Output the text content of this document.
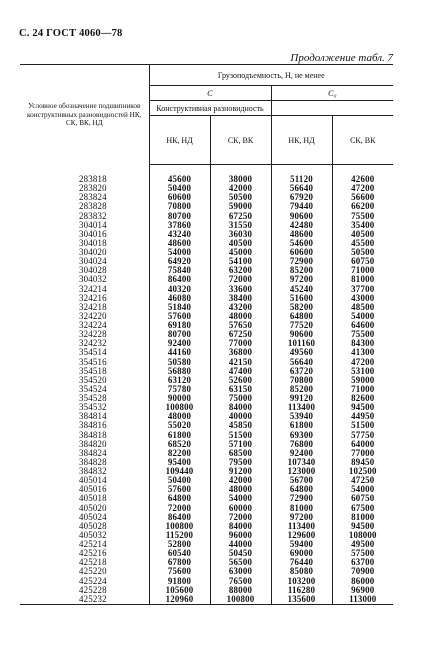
С. 24 ГОСТ 4060—78
Продолжение табл. 7
Условное обозначение подшипников конструктивных разновидностей НК, СК, ВК, НД	Грузоподъемность, Н, не менее			
	C		C₀	
	Конструктивная разновидность			
	НК, НД	СК, ВК	НК, НД	СК, ВК

283818	45600	38000	51120	42600
283820	50400	42000	56640	47200
283824	60600	50500	67920	56600
283828	70800	59000	79440	66200
283832	80700	67250	90600	75500
304014	37860	31550	42480	35400
304016	43240	36030	48600	40500
304018	48600	40500	54600	45500
304020	54000	45000	60600	50500
304024	64920	54100	72900	60750
304028	75840	63200	85200	71000
304032	86400	72000	97200	81000
324214	40320	33600	45240	37700
324216	46080	38400	51600	43000
324218	51840	43200	58200	48500
324220	57600	48000	64800	54000
324224	69180	57650	77520	64600
324228	80700	67250	90600	75500
324232	92400	77000	101160	84300
354514	44160	36800	49560	41300
354516	50580	42150	56640	47200
354518	56880	47400	63720	53100
354520	63120	52600	70800	59000
354524	75780	63150	85200	71000
354528	90000	75000	99120	82600
354532	100800	84000	113400	94500
384814	48000	40000	53940	44950
384816	55020	45850	61800	51500
384818	61800	51500	69300	57750
384820	68520	57100	76800	64000
384824	82200	68500	92400	77000
384828	95400	79500	107340	89450
384832	109440	91200	123000	102500
405014	50400	42000	56700	47250
405016	57600	48000	64800	54000
405018	64800	54000	72900	60750
405020	72000	60000	81000	67500
405024	86400	72000	97200	81000
405028	100800	84000	113400	94500
405032	115200	96000	129600	108000
425214	52800	44000	59400	49500
425216	60540	50450	69000	57500
425218	67800	56500	76440	63700
425220	75600	63000	85080	70900
425224	91800	76500	103200	86000
425228	105600	88000	116280	96900
425232	120960	100800	135600	113000
